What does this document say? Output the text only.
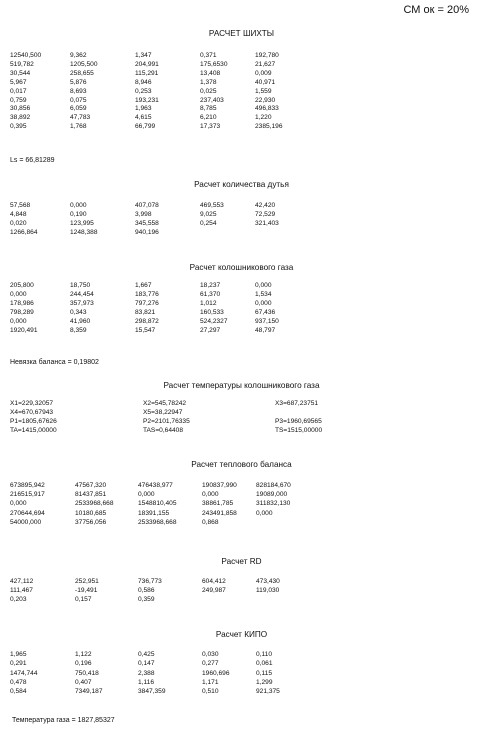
СМ ок = 20%
РАСЧЕТ ШИХТЫ
Расчет количества дутья
Расчет колошникового газа
Расчет температуры колошникового газа
Расчет теплового баланса
Расчет RD
Расчет КИПО
12540,500	9,362	1,347	0,371	192,780
519,782	1205,500	204,991	175,6530	21,627
30,544	258,655	115,291	13,408	0,009
5,967	5,876	8,946	1,378	40,971
0,017	8,693	0,253	0,025	1,559
0,759	0,075	193,231	237,403	22,930
30,856	6,059	1,963	8,785	496,833
38,892	47,783	4,615	6,210	1,220
0,395	1,768	66,799	17,373	2385,196
57,568	0,000	407,078	469,553	42,420
4,848	0,190	3,998	9,025	72,529
0,020	123,995	345,558	0,254	321,403
1266,864	1248,388	940,196
205,800	18,750	1,667	18,237	0,000
0,000	244,454	183,776	61,370	1,534
178,986	357,973	797,276	1,012	0,000
798,289	0,343	83,821	160,533	67,436
0,000	41,960	298,872	524,2327	937,150
1920,491	8,359	15,547	27,297	48,797
X1=229,32057	X2=545,78242	X3=687,23751
X4=670,67943	X5=38,22947
P1=1805,67626	P2=2101,76335	P3=1960,69565
TA=1415,00000	TAS=0,64408	TS=1515,00000
673895,942	47567,320	476438,977	190837,990	828184,670
216515,917	81437,851	0,000	0,000	19089,000
0,000	2533968,668	1548810,405	38861,785	311832,130
270644,694	10180,685	18391,155	243491,858	0,000
54000,000	37756,056	2533968,668	0,868
427,112	252,951	736,773	604,412	473,430
111,467	-19,491	0,586	249,987	119,030
0,203	0,157	0,359
1,965	1,122	0,425	0,030	0,110
0,291	0,196	0,147	0,277	0,061
1474,744	750,418	2,388	1960,696	0,115
0,478	0,407	1,116	1,171	1,299
0,584	7349,187	3847,359	0,510	921,375
Ls = 66,81289
Невязка баланса = 0,19802
Температура газа = 1827,85327
